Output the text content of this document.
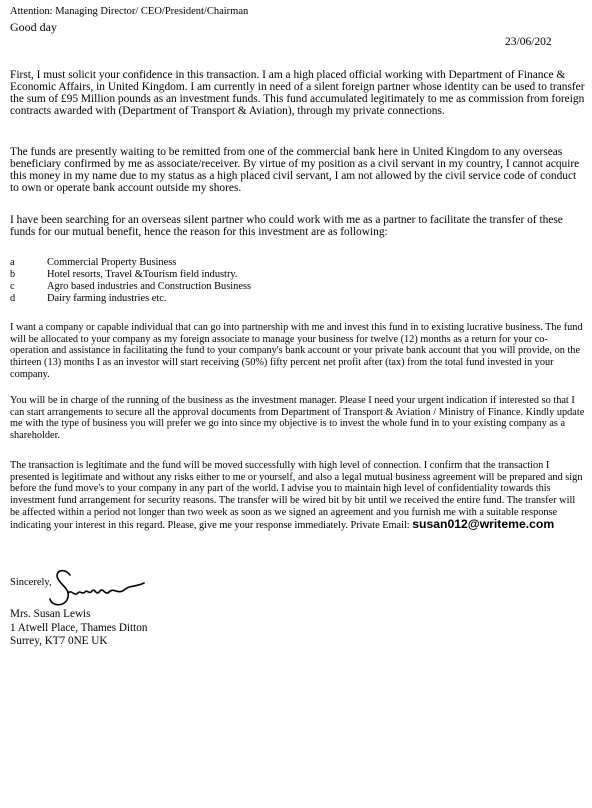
Attention: Managing Director/ CEO/President/Chairman
Good day
23/06/202

First, I must solicit your confidence in this transaction. I am a high placed official working with Department of Finance & Economic Affairs, in United Kingdom. I am currently in need of a silent foreign partner whose identity can be used to transfer the sum of £95 Million pounds as an investment funds. This fund accumulated legitimately to me as commission from foreign contracts awarded with (Department of Transport & Aviation), through my private connections.

The funds are presently waiting to be remitted from one of the commercial bank here in United Kingdom to any overseas beneficiary confirmed by me as associate/receiver. By virtue of my position as a civil servant in my country, I cannot acquire this money in my name due to my status as a high placed civil servant, I am not allowed by the civil service code of conduct to own or operate bank account outside my shores.

I have been searching for an overseas silent partner who could work with me as a partner to facilitate the transfer of these funds for our mutual benefit, hence the reason for this investment are as following:

a	Commercial Property Business
b	Hotel resorts, Travel &Tourism field industry.
c	Agro based industries and Construction Business
d	Dairy farming industries etc.

I want a company or capable individual that can go into partnership with me and invest this fund in to existing lucrative business. The fund will be allocated to your company as my foreign associate to manage your business for twelve (12) months as a return for your co-operation and assistance in facilitating the fund to your company's bank account or your private bank account that you will provide, on the thirteen (13) months I as an investor will start receiving (50%) fifty percent net profit after (tax) from the total fund invested in your company.

You will be in charge of the running of the business as the investment manager. Please I need your urgent indication if interested so that I can start arrangements to secure all the approval documents from Department of Transport & Aviation / Ministry of Finance. Kindly update me with the type of business you will prefer we go into since my objective is to invest the whole fund in to your existing company as a shareholder.

The transaction is legitimate and the fund will be moved successfully with high level of connection. I confirm that the transaction I presented is legitimate and without any risks either to me or yourself, and also a legal mutual business agreement will be prepared and sign before the fund move's to your company in any part of the world. I advise you to maintain high level of confidentiality towards this investment fund arrangement for security reasons. The transfer will be wired bit by bit until we received the entire fund. The transfer will be affected within a period not longer than two week as soon as we signed an agreement and you furnish me with a suitable response indicating your interest in this regard. Please, give me your response immediately. Private Email: susan012@writeme.com

Sincerely,
Mrs. Susan Lewis
1 Atwell Place, Thames Ditton
Surrey, KT7 0NE UK
